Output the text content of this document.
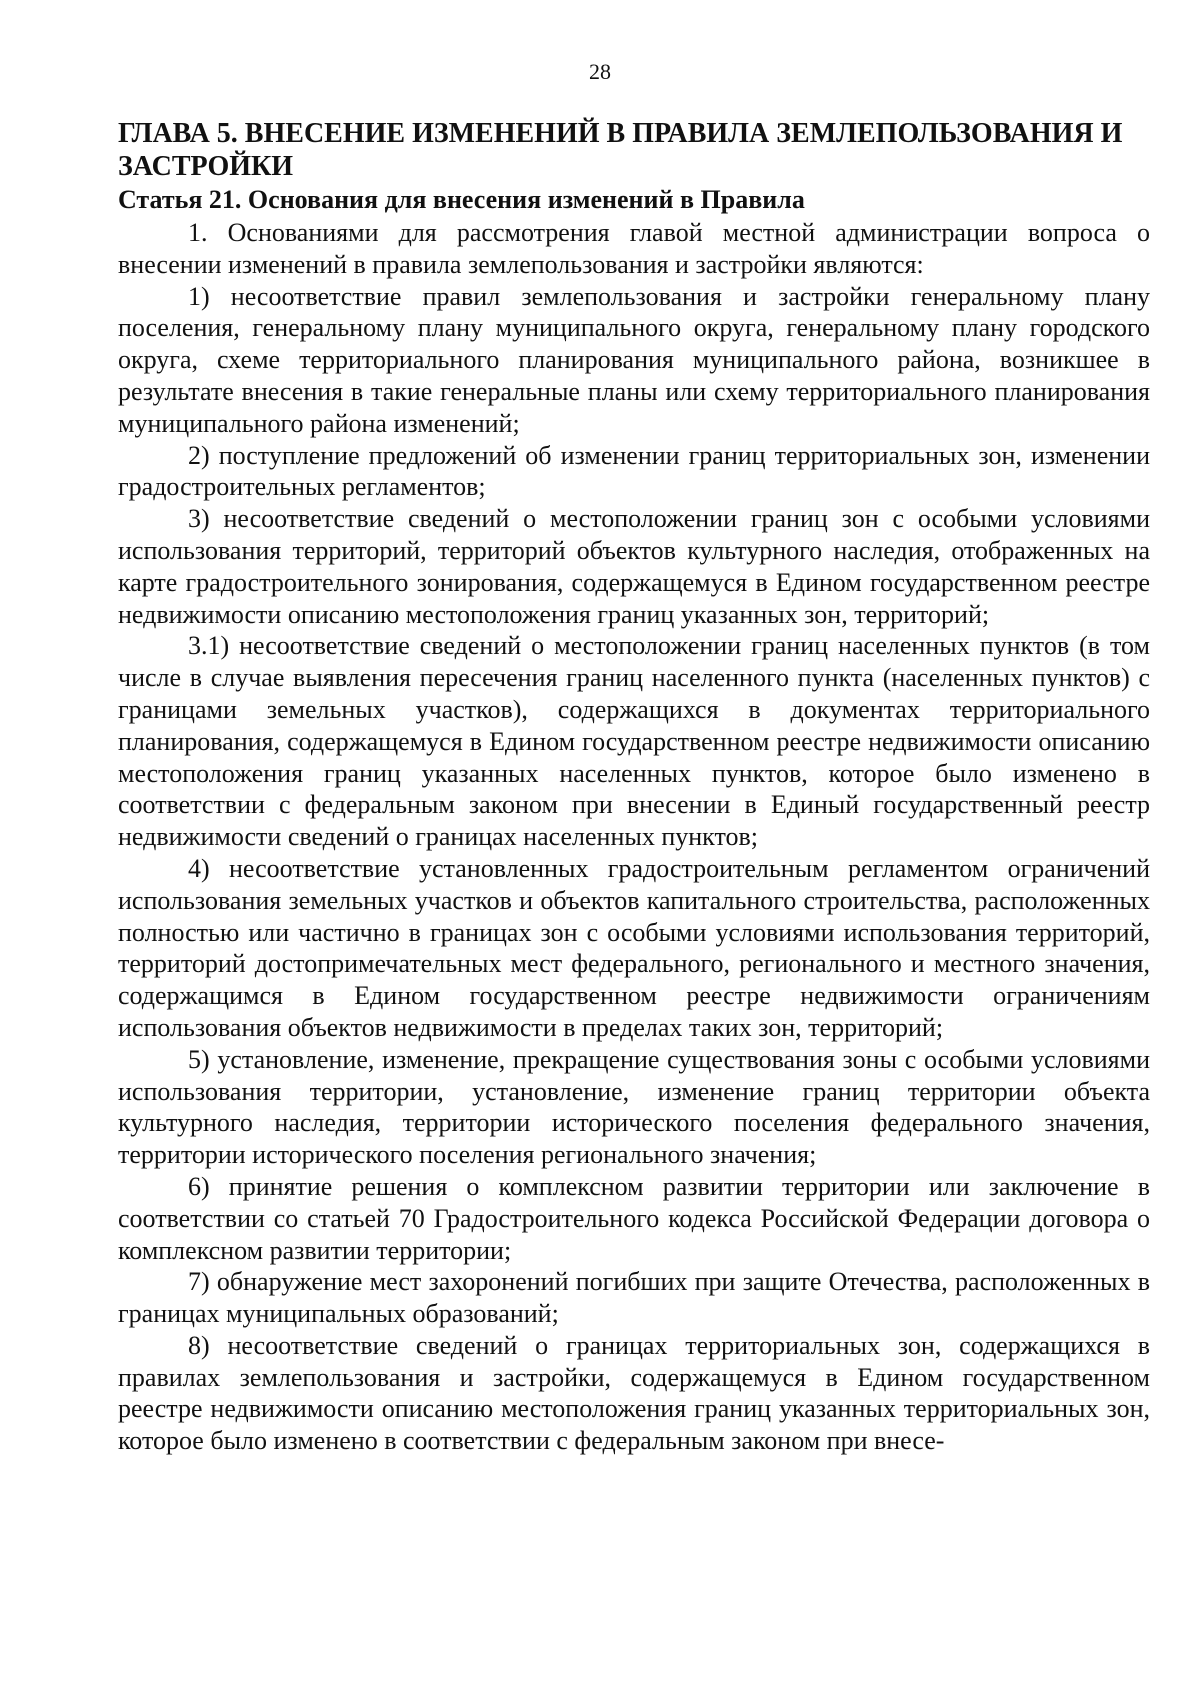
28
ГЛАВА 5. ВНЕСЕНИЕ ИЗМЕНЕНИЙ В ПРАВИЛА ЗЕМЛЕПОЛЬЗОВАНИЯ И ЗАСТРОЙКИ
Статья 21. Основания для внесения изменений в Правила

1. Основаниями для рассмотрения главой местной администрации вопроса о внесении изменений в правила землепользования и застройки являются:

1) несоответствие правил землепользования и застройки генеральному плану поселения, генеральному плану муниципального округа, генеральному плану городского округа, схеме территориального планирования муниципального района, возникшее в результате внесения в такие генеральные планы или схему территориального планирования муниципального района изменений;

2) поступление предложений об изменении границ территориальных зон, изменении градостроительных регламентов;

3) несоответствие сведений о местоположении границ зон с особыми условиями использования территорий, территорий объектов культурного наследия, отображенных на карте градостроительного зонирования, содержащемуся в Едином государственном реестре недвижимости описанию местоположения границ указанных зон, территорий;

3.1) несоответствие сведений о местоположении границ населенных пунктов (в том числе в случае выявления пересечения границ населенного пункта (населенных пунктов) с границами земельных участков), содержащихся в документах территориального планирования, содержащемуся в Едином государственном реестре недвижимости описанию местоположения границ указанных населенных пунктов, которое было изменено в соответствии с федеральным законом при внесении в Единый государственный реестр недвижимости сведений о границах населенных пунктов;

4) несоответствие установленных градостроительным регламентом ограничений использования земельных участков и объектов капитального строительства, расположенных полностью или частично в границах зон с особыми условиями использования территорий, территорий достопримечательных мест федерального, регионального и местного значения, содержащимся в Едином государственном реестре недвижимости ограничениям использования объектов недвижимости в пределах таких зон, территорий;

5) установление, изменение, прекращение существования зоны с особыми условиями использования территории, установление, изменение границ территории объекта культурного наследия, территории исторического поселения федерального значения, территории исторического поселения регионального значения;

6) принятие решения о комплексном развитии территории или заключение в соответствии со статьей 70 Градостроительного кодекса Российской Федерации договора о комплексном развитии территории;

7) обнаружение мест захоронений погибших при защите Отечества, расположенных в границах муниципальных образований;

8) несоответствие сведений о границах территориальных зон, содержащихся в правилах землепользования и застройки, содержащемуся в Едином государственном реестре недвижимости описанию местоположения границ указанных территориальных зон, которое было изменено в соответствии с федеральным законом при внесе-
